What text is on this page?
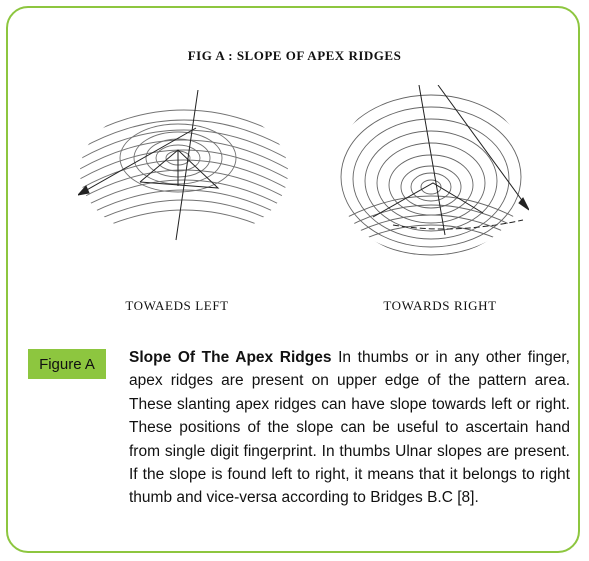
FIG A : SLOPE OF APEX RIDGES
TOWAEDS LEFT	TOWARDS RIGHT
Figure A	Slope Of The Apex Ridges In thumbs or in any other finger, apex ridges are present on upper edge of the pattern area. These slanting apex ridges can have slope towards left or right. These positions of the slope can be useful to ascertain hand from single digit fingerprint. In thumbs Ulnar slopes are present. If the slope is found left to right, it means that it belongs to right thumb and vice-versa according to Bridges B.C [8].
